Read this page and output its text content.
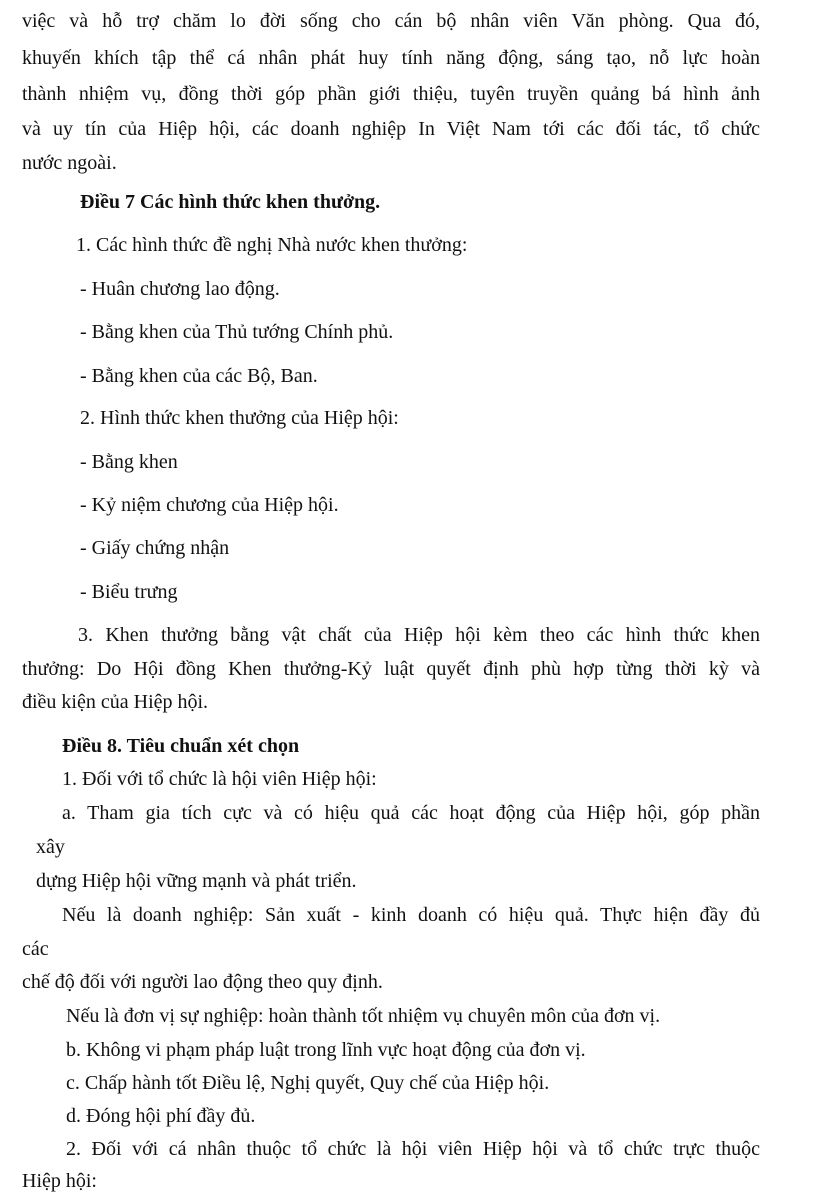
việc và hỗ trợ chăm lo đời sống cho cán bộ nhân viên Văn phòng. Qua đó,

khuyến khích tập thể cá nhân phát huy tính năng động, sáng tạo, nỗ lực hoàn

thành nhiệm vụ, đồng thời góp phần giới thiệu, tuyên truyền quảng bá hình ảnh

và uy tín của Hiệp hội, các doanh nghiệp In Việt Nam tới các đối tác, tổ chức

nước ngoài.

Điều 7 Các hình thức khen thưởng.

1. Các hình thức đề nghị Nhà nước khen thưởng:

- Huân chương lao động.

- Bằng khen của Thủ tướng Chính phủ.

- Bằng khen của các Bộ, Ban.

2. Hình thức khen thưởng của Hiệp hội:

- Bằng khen

- Kỷ niệm chương của Hiệp hội.

- Giấy chứng nhận

- Biểu trưng

3. Khen thưởng bằng vật chất của Hiệp hội kèm theo các hình thức khen

thưởng: Do Hội đồng Khen thưởng-Kỷ luật quyết định phù hợp từng thời kỳ và

điều kiện của Hiệp hội.

Điều 8. Tiêu chuẩn xét chọn

1. Đối với tổ chức là hội viên Hiệp hội:

a. Tham gia tích cực và có hiệu quả các hoạt động của Hiệp hội, góp phần

xây

dựng Hiệp hội vững mạnh và phát triển.

Nếu là doanh nghiệp: Sản xuất - kinh doanh có hiệu quả. Thực hiện đầy đủ

các

chế độ đối với người lao động theo quy định.

Nếu là đơn vị sự nghiệp: hoàn thành tốt nhiệm vụ chuyên môn của đơn vị.

b. Không vi phạm pháp luật trong lĩnh vực hoạt động của đơn vị.

c. Chấp hành tốt Điều lệ, Nghị quyết, Quy chế của Hiệp hội.

d. Đóng hội phí đầy đủ.

2. Đối với cá nhân thuộc tổ chức là hội viên Hiệp hội và tổ chức trực thuộc

Hiệp hội:
